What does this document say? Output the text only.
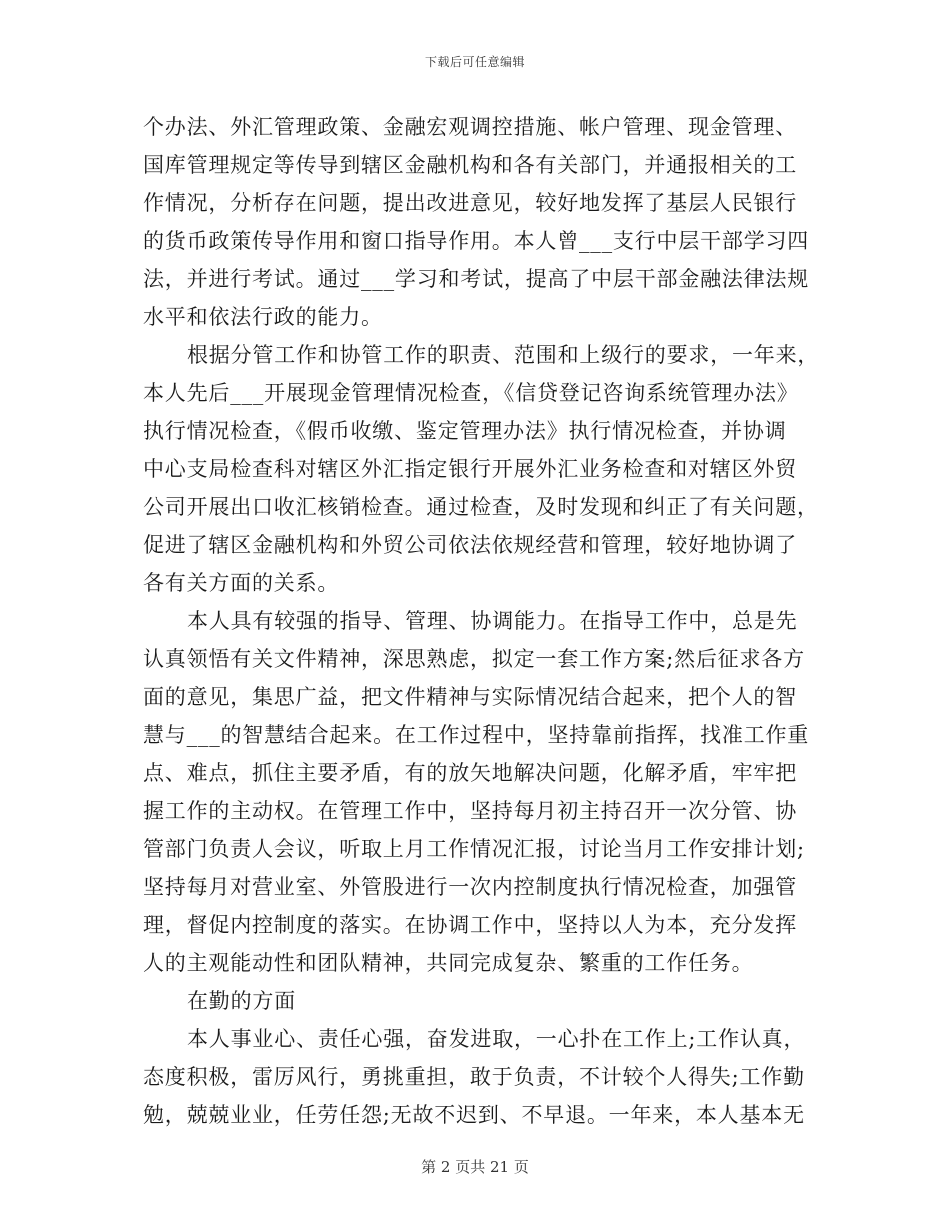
下载后可任意编辑
个办法、外汇管理政策、金融宏观调控措施、帐户管理、现金管理、
国库管理规定等传导到辖区金融机构和各有关部门，并通报相关的工
作情况，分析存在问题，提出改进意见，较好地发挥了基层人民银行
的货币政策传导作用和窗口指导作用。本人曾___支行中层干部学习四
法，并进行考试。通过___学习和考试，提高了中层干部金融法律法规
水平和依法行政的能力。
根据分管工作和协管工作的职责、范围和上级行的要求，一年来，
本人先后___开展现金管理情况检查，《信贷登记咨询系统管理办法》
执行情况检查，《假币收缴、鉴定管理办法》执行情况检查，并协调
中心支局检查科对辖区外汇指定银行开展外汇业务检查和对辖区外贸
公司开展出口收汇核销检查。通过检查，及时发现和纠正了有关问题，
促进了辖区金融机构和外贸公司依法依规经营和管理，较好地协调了
各有关方面的关系。
本人具有较强的指导、管理、协调能力。在指导工作中，总是先
认真领悟有关文件精神，深思熟虑，拟定一套工作方案;然后征求各方
面的意见，集思广益，把文件精神与实际情况结合起来，把个人的智
慧与___的智慧结合起来。在工作过程中，坚持靠前指挥，找准工作重
点、难点，抓住主要矛盾，有的放矢地解决问题，化解矛盾，牢牢把
握工作的主动权。在管理工作中，坚持每月初主持召开一次分管、协
管部门负责人会议，听取上月工作情况汇报，讨论当月工作安排计划;
坚持每月对营业室、外管股进行一次内控制度执行情况检查，加强管
理，督促内控制度的落实。在协调工作中，坚持以人为本，充分发挥
人的主观能动性和团队精神，共同完成复杂、繁重的工作任务。
在勤的方面
本人事业心、责任心强，奋发进取，一心扑在工作上;工作认真，
态度积极，雷厉风行，勇挑重担，敢于负责，不计较个人得失;工作勤
勉，兢兢业业，任劳任怨;无故不迟到、不早退。一年来，本人基本无
第 2 页共 21 页
